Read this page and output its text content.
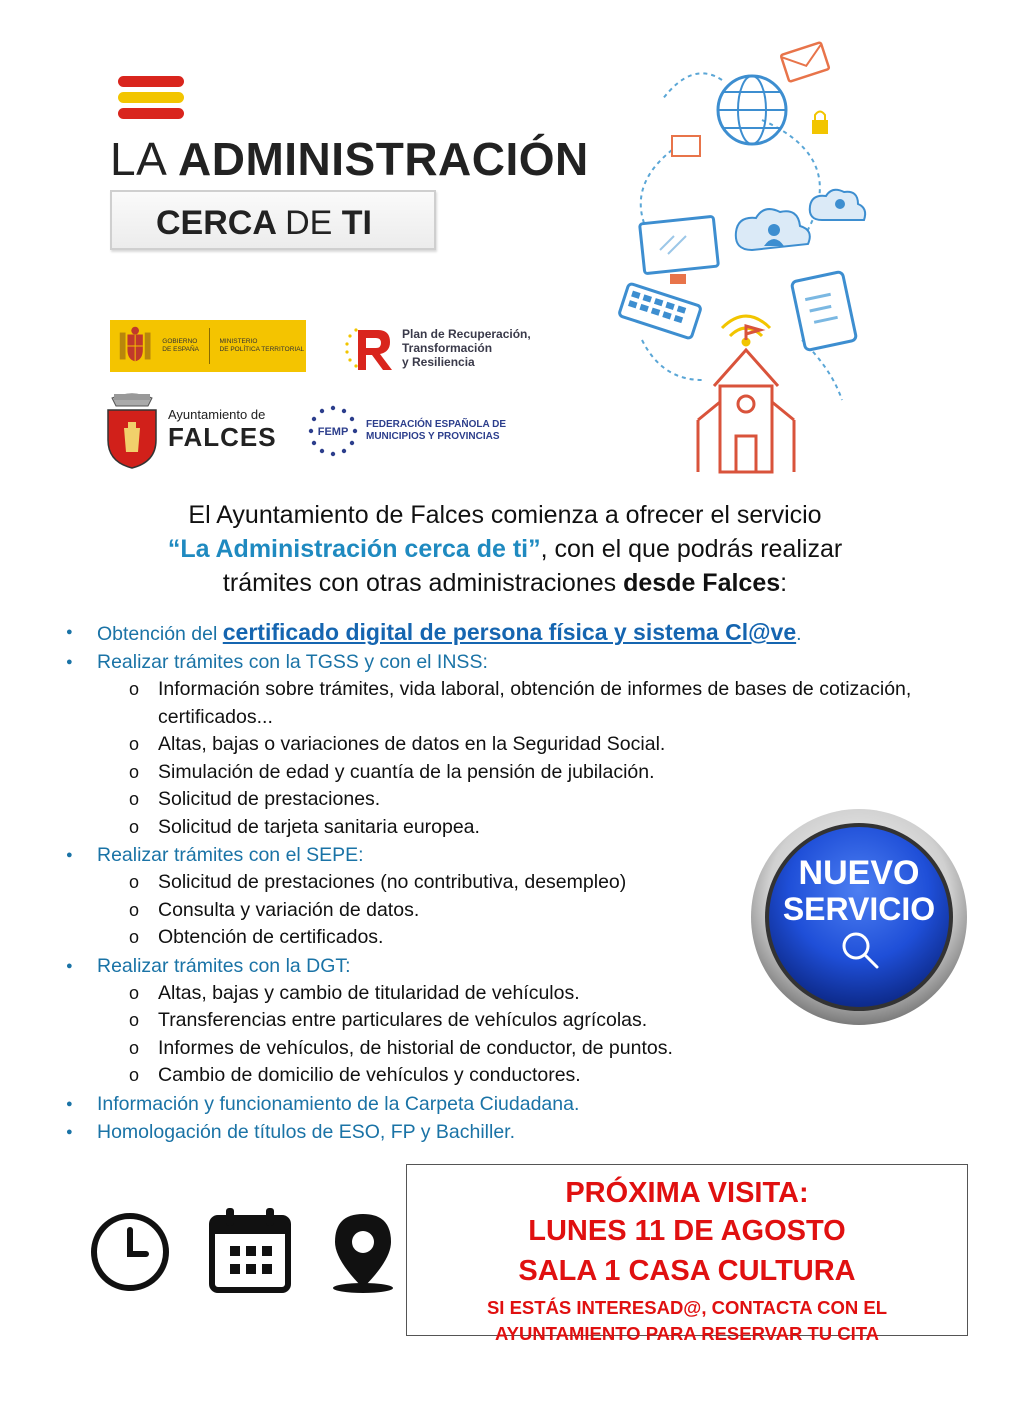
LA ADMINISTRACIÓN
CERCA DE TI
GOBIERNO
DE ESPAÑA
MINISTERIO
DE POLÍTICA TERRITORIAL
Plan de Recuperación,
Transformación
y Resiliencia
Ayuntamiento de
FALCES	FEMP
FEDERACIÓN ESPAÑOLA DE
MUNICIPIOS Y PROVINCIAS
El Ayuntamiento de Falces comienza a ofrecer el servicio
“La Administración cerca de ti”, con el que podrás realizar
trámites con otras administraciones desde Falces:
● Obtención del certificado digital de persona física y sistema Cl@ve.
● Realizar trámites con la TGSS y con el INSS:
o Información sobre trámites, vida laboral, obtención de informes de bases de cotización, certificados...
o Altas, bajas o variaciones de datos en la Seguridad Social.
o Simulación de edad y cuantía de la pensión de jubilación.
o Solicitud de prestaciones.
o Solicitud de tarjeta sanitaria europea.
● Realizar trámites con el SEPE:
o Solicitud de prestaciones (no contributiva, desempleo)
o Consulta y variación de datos.
o Obtención de certificados.
● Realizar trámites con la DGT:
o Altas, bajas y cambio de titularidad de vehículos.
o Transferencias entre particulares de vehículos agrícolas.
o Informes de vehículos, de historial de conductor, de puntos.
o Cambio de domicilio de vehículos y conductores.
● Información y funcionamiento de la Carpeta Ciudadana.
● Homologación de títulos de ESO, FP y Bachiller.
NUEVO
SERVICIO
PRÓXIMA VISITA:
LUNES 11 DE AGOSTO
SALA 1 CASA CULTURA
SI ESTÁS INTERESAD@, CONTACTA CON EL
AYUNTAMIENTO PARA RESERVAR TU CITA
